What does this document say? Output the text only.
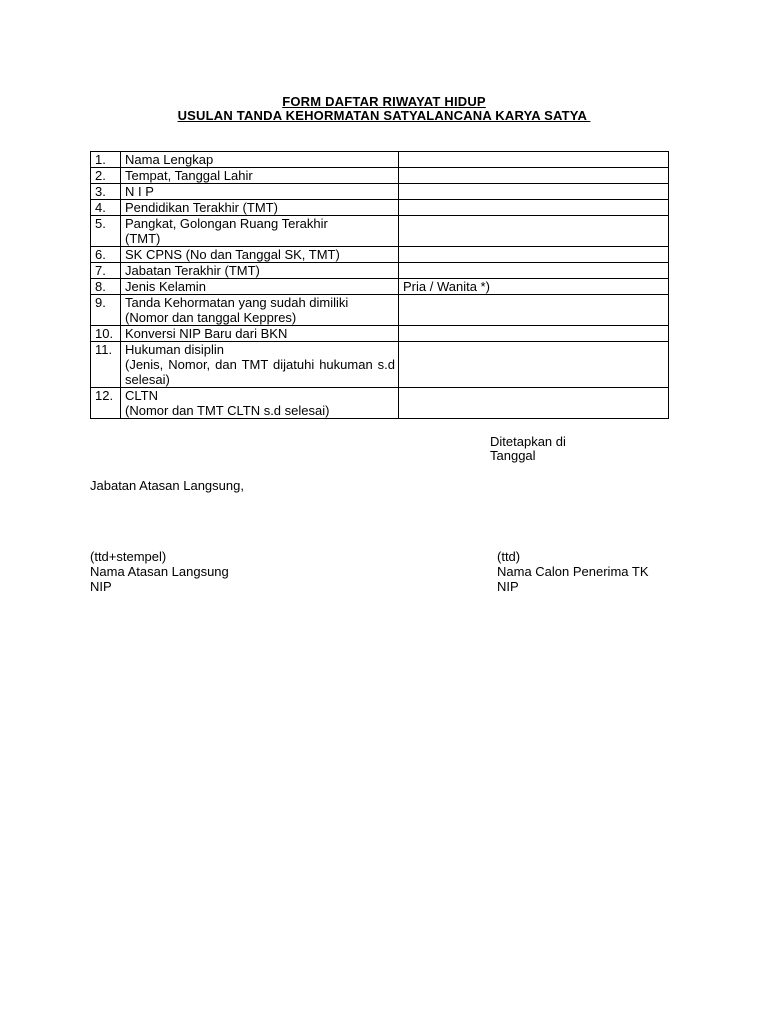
FORM DAFTAR RIWAYAT HIDUP
USULAN TANDA KEHORMATAN SATYALANCANA KARYA SATYA
1.	Nama Lengkap	
2.	Tempat, Tanggal Lahir	
3.	N I P	
4.	Pendidikan Terakhir (TMT)	
5.	Pangkat, Golongan Ruang Terakhir
(TMT)	

6.	SK CPNS (No dan Tanggal SK, TMT)	
7.	Jabatan Terakhir (TMT)	
8.	Jenis Kelamin	Pria / Wanita *)
9.	Tanda Kehormatan yang sudah dimiliki
(Nomor dan tanggal Keppres)	

10.	Konversi NIP Baru dari BKN	
11.	Hukuman disiplin
(Jenis, Nomor, dan TMT dijatuhi hukuman s.d selesai)	
12.	CLTN
(Nomor dan TMT CLTN s.d selesai)	

Ditetapkan di
Tanggal
Jabatan Atasan Langsung,
(ttd+stempel)
Nama Atasan Langsung
NIP
(ttd)
Nama Calon Penerima TK
NIP
